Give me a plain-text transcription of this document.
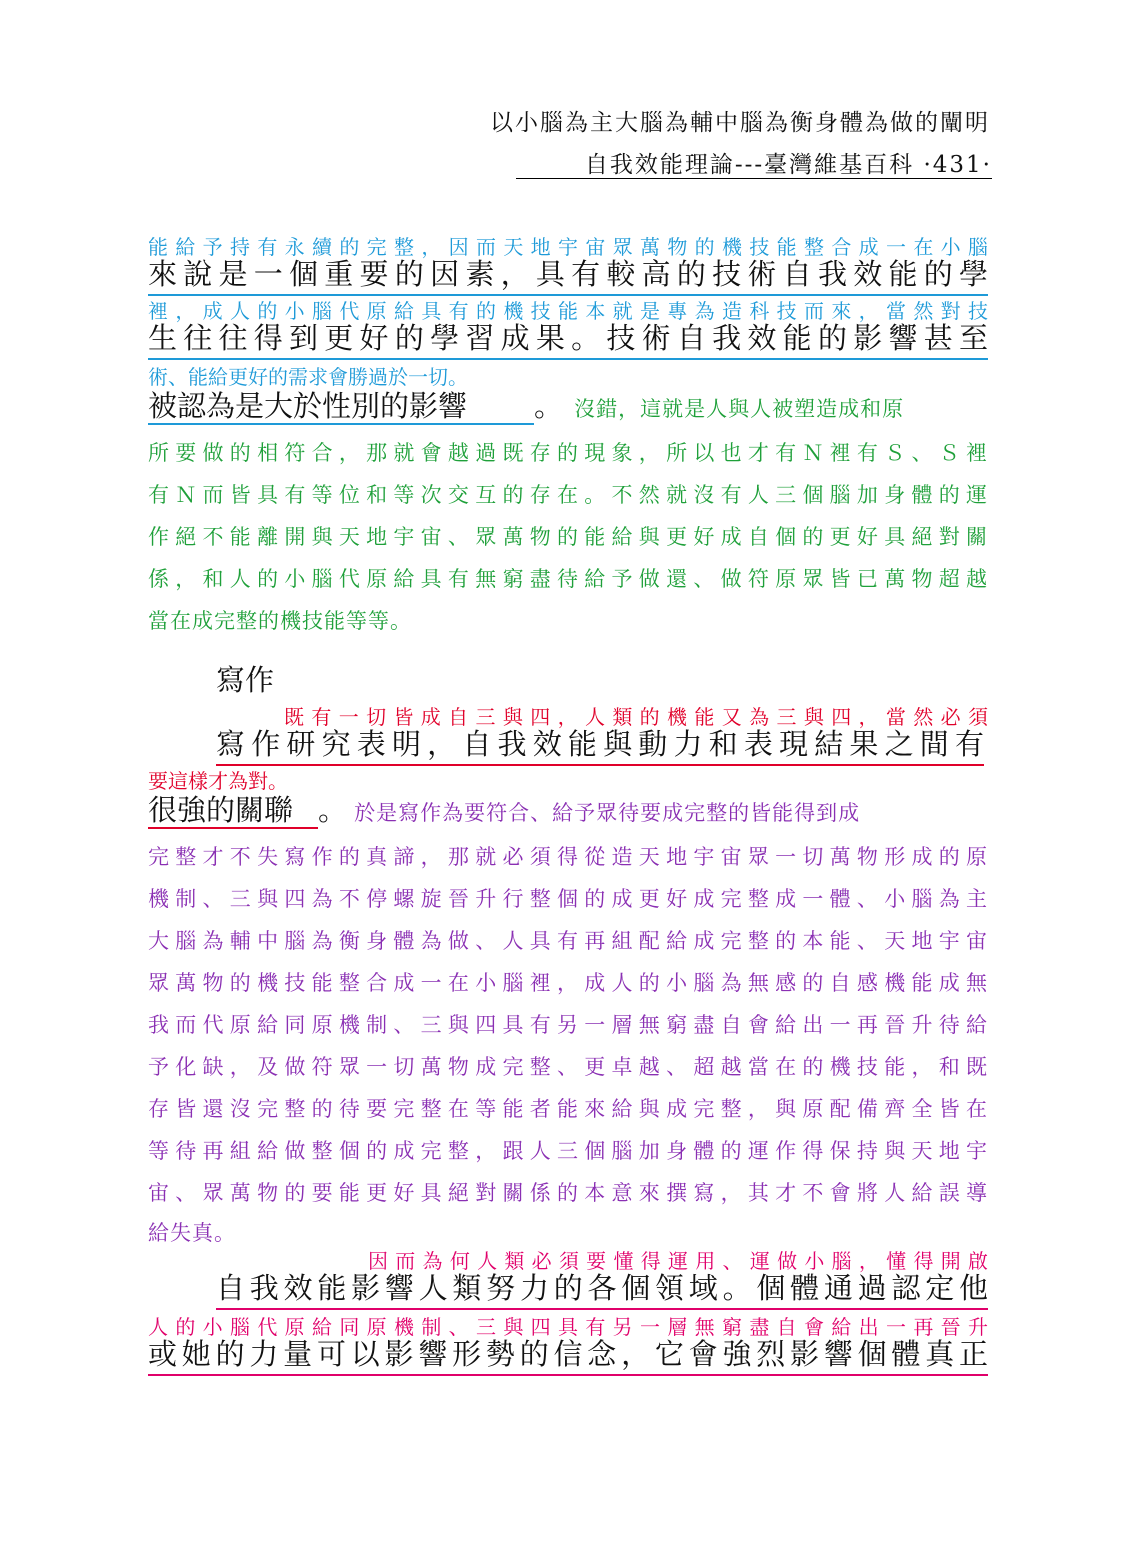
以小腦為主大腦為輔中腦為衡身體為做的闡明
自我效能理論---臺灣維基百科 ·431·
能給予持有永續的完整，因而天地宇宙眾萬物的機技能整合成一在小腦
來說是一個重要的因素，具有較高的技術自我效能的學
裡，成人的小腦代原給具有的機技能本就是專為造科技而來，當然對技
生往往得到更好的學習成果。技術自我效能的影響甚至
術、能給更好的需求會勝過於一切。
被認為是大於性別的影響 。 沒錯，這就是人與人被塑造成和原
所要做的相符合，那就會越過既存的現象，所以也才有Ｎ裡有Ｓ、Ｓ裡
有Ｎ而皆具有等位和等次交互的存在。不然就沒有人三個腦加身體的運
作絕不能離開與天地宇宙、眾萬物的能給與更好成自個的更好具絕對關
係，和人的小腦代原給具有無窮盡待給予做還、做符原眾皆已萬物超越
當在成完整的機技能等等。
寫作
既有一切皆成自三與四，人類的機能又為三與四，當然必須
寫作研究表明，自我效能與動力和表現結果之間有
要這樣才為對。
很強的關聯 。 於是寫作為要符合、給予眾待要成完整的皆能得到成
完整才不失寫作的真諦，那就必須得從造天地宇宙眾一切萬物形成的原
機制、三與四為不停螺旋晉升行整個的成更好成完整成一體、小腦為主
大腦為輔中腦為衡身體為做、人具有再組配給成完整的本能、天地宇宙
眾萬物的機技能整合成一在小腦裡，成人的小腦為無感的自感機能成無
我而代原給同原機制、三與四具有另一層無窮盡自會給出一再晉升待給
予化缺，及做符眾一切萬物成完整、更卓越、超越當在的機技能，和既
存皆還沒完整的待要完整在等能者能來給與成完整，與原配備齊全皆在
等待再組給做整個的成完整，跟人三個腦加身體的運作得保持與天地宇
宙、眾萬物的要能更好具絕對關係的本意來撰寫，其才不會將人給誤導
給失真。
因而為何人類必須要懂得運用、運做小腦，懂得開啟
自我效能影響人類努力的各個領域。個體通過認定他
人的小腦代原給同原機制、三與四具有另一層無窮盡自會給出一再晉升
或她的力量可以影響形勢的信念，它會強烈影響個體真正
